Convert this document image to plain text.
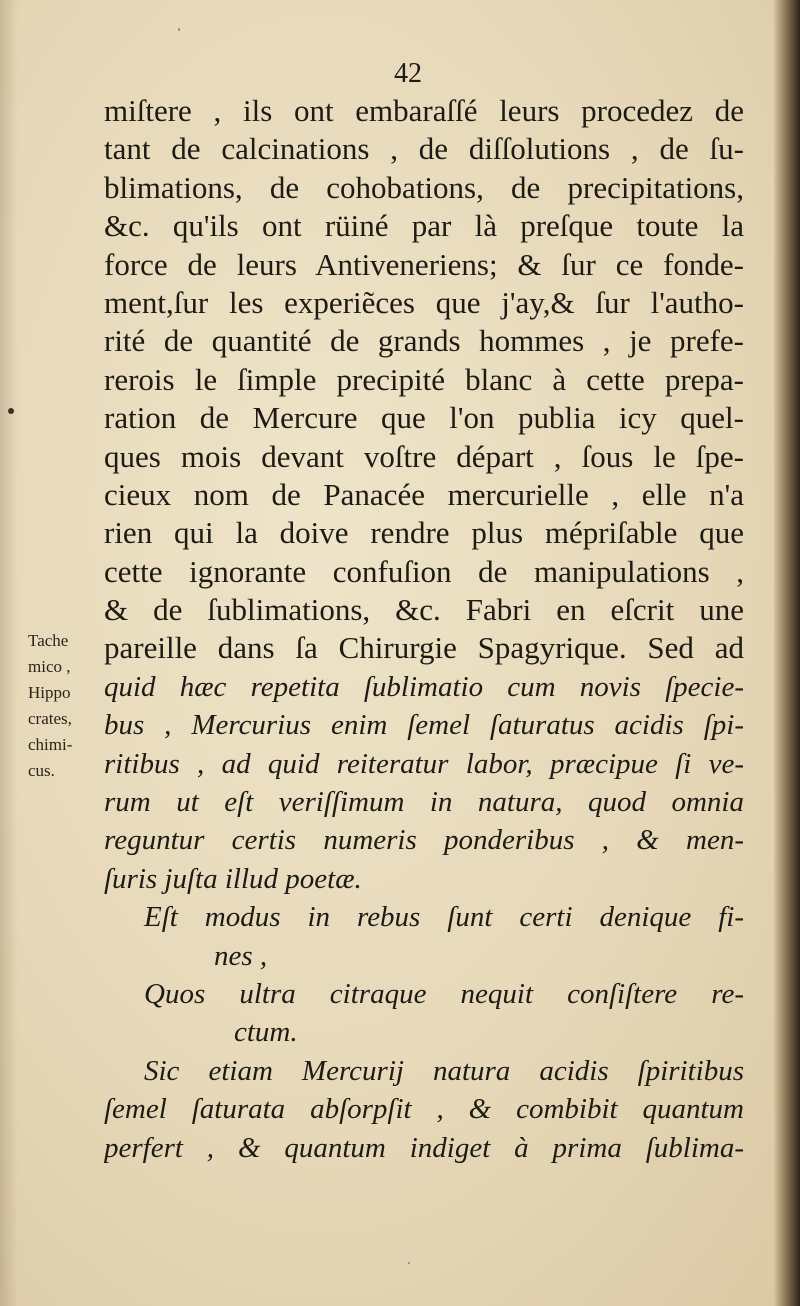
42
miſtere , ils ont embaraſſé leurs procedez de
tant de calcinations , de diſſolutions , de ſu-
blimations, de cohobations, de precipitations,
&c. qu'ils ont rüiné par là preſque toute la
force de leurs Antiveneriens; & ſur ce fonde-
ment,ſur les experiẽces que j'ay,& ſur l'autho-
rité de quantité de grands hommes , je prefe-
rerois le ſimple precipité blanc à cette prepa-
ration de Mercure que l'on publia icy quel-
ques mois devant voſtre départ , ſous le ſpe-
cieux nom de Panacée mercurielle , elle n'a
rien qui la doive rendre plus mépriſable que
cette ignorante confuſion de manipulations ,
& de ſublimations, &c. Fabri en eſcrit une
pareille dans ſa Chirurgie Spagyrique. Sed ad
quid hæc repetita ſublimatio cum novis ſpecie-
bus , Mercurius enim ſemel ſaturatus acidis ſpi-
ritibus , ad quid reiteratur labor, præcipue ſi ve-
rum ut eſt veriſſimum in natura, quod omnia
reguntur certis numeris ponderibus , & men-
ſuris juſta illud poetæ.
Eſt modus in rebus ſunt certi denique fi-
nes ,
Quos ultra citraque nequit conſiſtere re-
ctum.
Sic etiam Mercurij natura acidis ſpiritibus
ſemel ſaturata abſorpſit , & combibit quantum
perfert , & quantum indiget à prima ſublima-
Tache
mico ,
Hippo
crates,
chimi-
cus.
